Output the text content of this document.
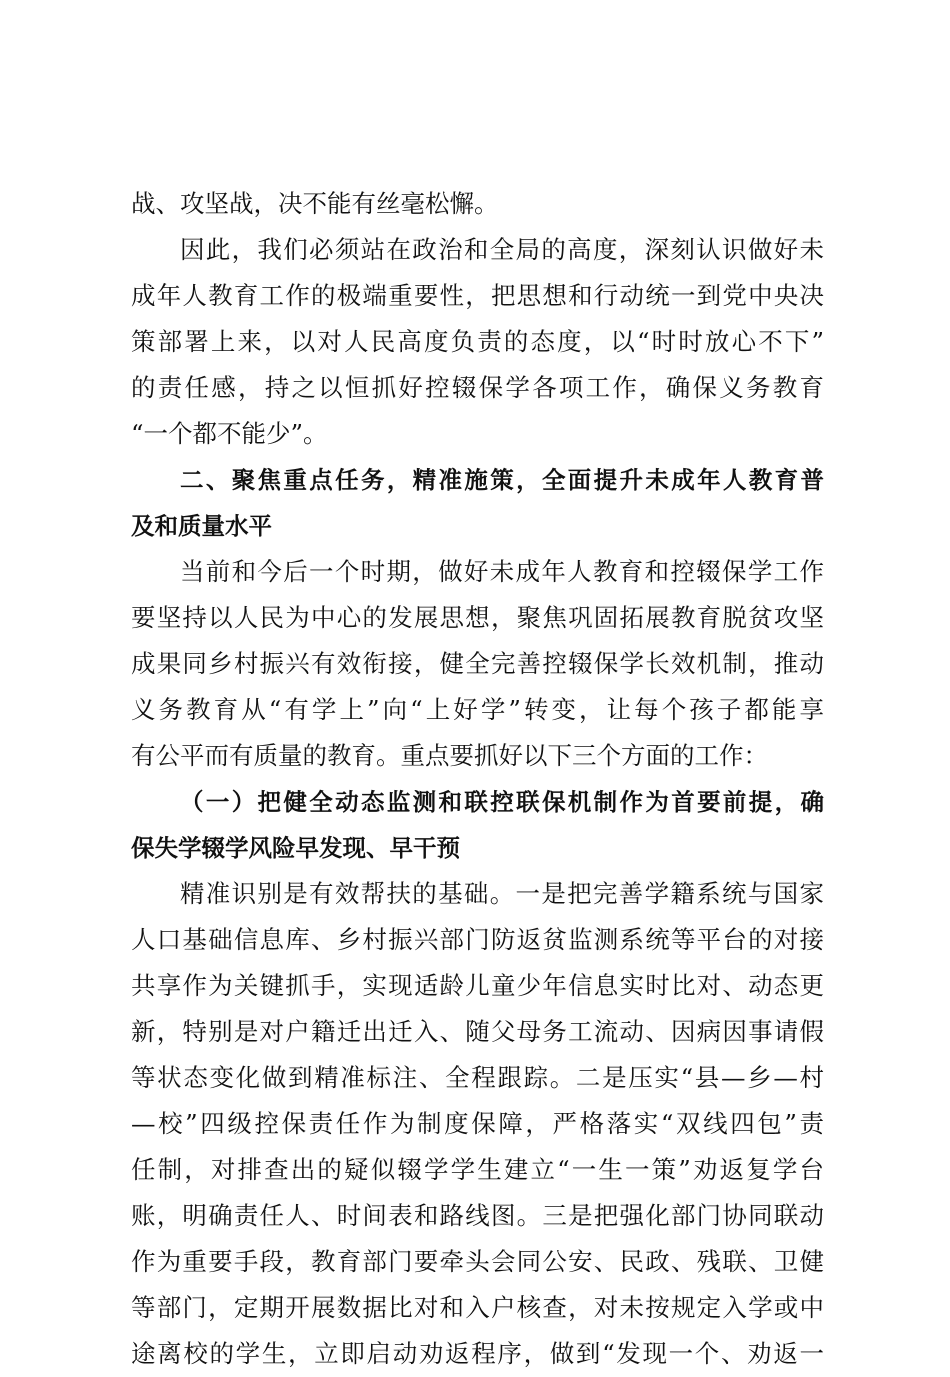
战、攻坚战，决不能有丝毫松懈。
因此，我们必须站在政治和全局的高度，深刻认识做好未
成年人教育工作的极端重要性，把思想和行动统一到党中央决
策部署上来，以对人民高度负责的态度，以“时时放心不下”
的责任感，持之以恒抓好控辍保学各项工作，确保义务教育
“一个都不能少”。
二、聚焦重点任务，精准施策，全面提升未成年人教育普
及和质量水平
当前和今后一个时期，做好未成年人教育和控辍保学工作
要坚持以人民为中心的发展思想，聚焦巩固拓展教育脱贫攻坚
成果同乡村振兴有效衔接，健全完善控辍保学长效机制，推动
义务教育从“有学上”向“上好学”转变，让每个孩子都能享
有公平而有质量的教育。重点要抓好以下三个方面的工作：
（一）把健全动态监测和联控联保机制作为首要前提，确
保失学辍学风险早发现、早干预
精准识别是有效帮扶的基础。一是把完善学籍系统与国家
人口基础信息库、乡村振兴部门防返贫监测系统等平台的对接
共享作为关键抓手，实现适龄儿童少年信息实时比对、动态更
新，特别是对户籍迁出迁入、随父母务工流动、因病因事请假
等状态变化做到精准标注、全程跟踪。二是压实“县—乡—村
—校”四级控保责任作为制度保障，严格落实“双线四包”责
任制，对排查出的疑似辍学学生建立“一生一策”劝返复学台
账，明确责任人、时间表和路线图。三是把强化部门协同联动
作为重要手段，教育部门要牵头会同公安、民政、残联、卫健
等部门，定期开展数据比对和入户核查，对未按规定入学或中
途离校的学生，立即启动劝返程序，做到“发现一个、劝返一
